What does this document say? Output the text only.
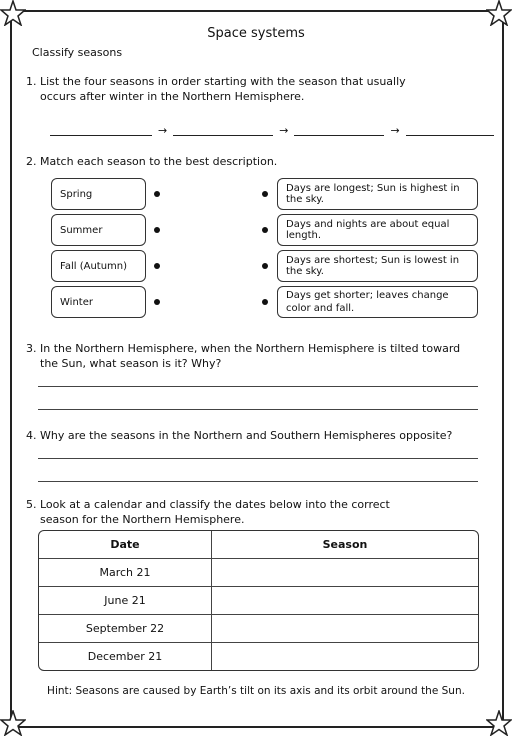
Space systems
Classify seasons
1. List the four seasons in order starting with the season that usually occurs after winter in the Northern Hemisphere.
→	→	→
2. Match each season to the best description.
Spring
Summer
Fall (Autumn)
Winter
Days are longest; Sun is highest in the sky.
Days and nights are about equal length.
Days are shortest; Sun is lowest in the sky.
Days get shorter; leaves change color and fall.
3. In the Northern Hemisphere, when the Northern Hemisphere is tilted toward the Sun, what season is it? Why?
4. Why are the seasons in the Northern and Southern Hemispheres opposite?
5. Look at a calendar and classify the dates below into the correct season for the Northern Hemisphere.
Date	Season
March 21	
June 21	
September 22	
December 21	
Hint: Seasons are caused by Earth’s tilt on its axis and its orbit around the Sun.
